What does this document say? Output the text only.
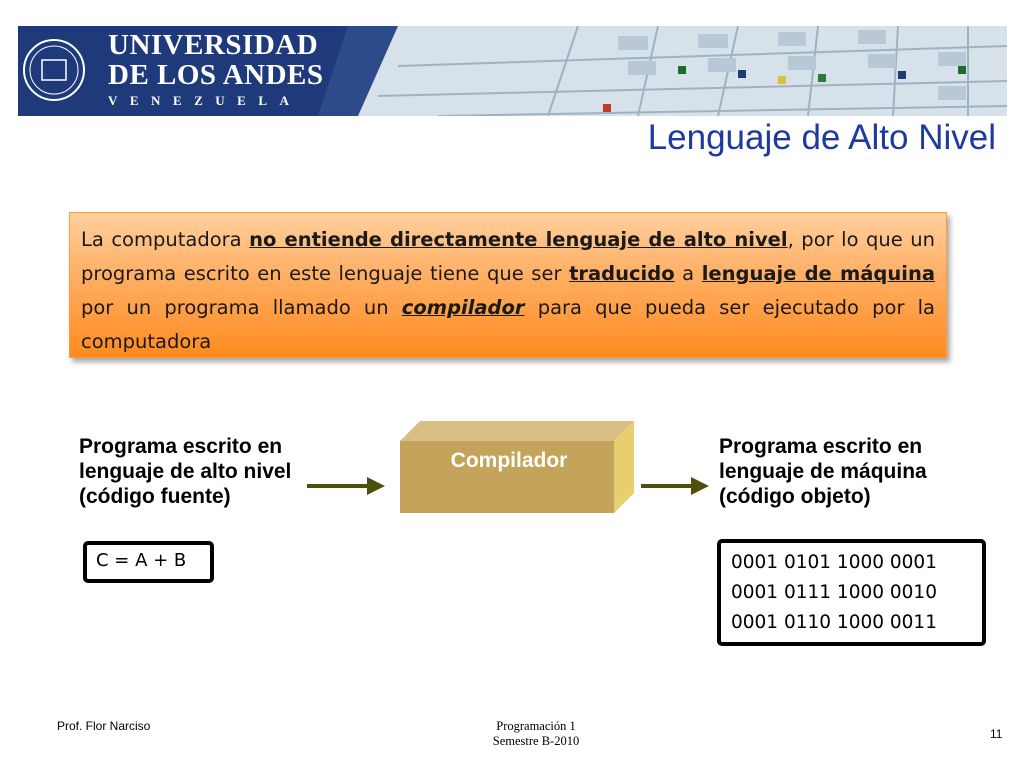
UNIVERSIDAD
DE LOS ANDES
VENEZUELA
Lenguaje de Alto Nivel
La computadora no entiende directamente lenguaje de alto nivel, por lo que un programa escrito en este lenguaje tiene que ser traducido a lenguaje de máquina por un programa llamado un compilador para que pueda ser ejecutado por la computadora
Programa escrito en lenguaje de alto nivel (código fuente)
Compilador
Programa escrito en lenguaje de máquina (código objeto)
C = A + B	0001 0101 1000 0001
0001 0111 1000 0010
0001 0110 1000 0011
Prof. Flor Narciso	Programación 1
Semestre B-2010	11
